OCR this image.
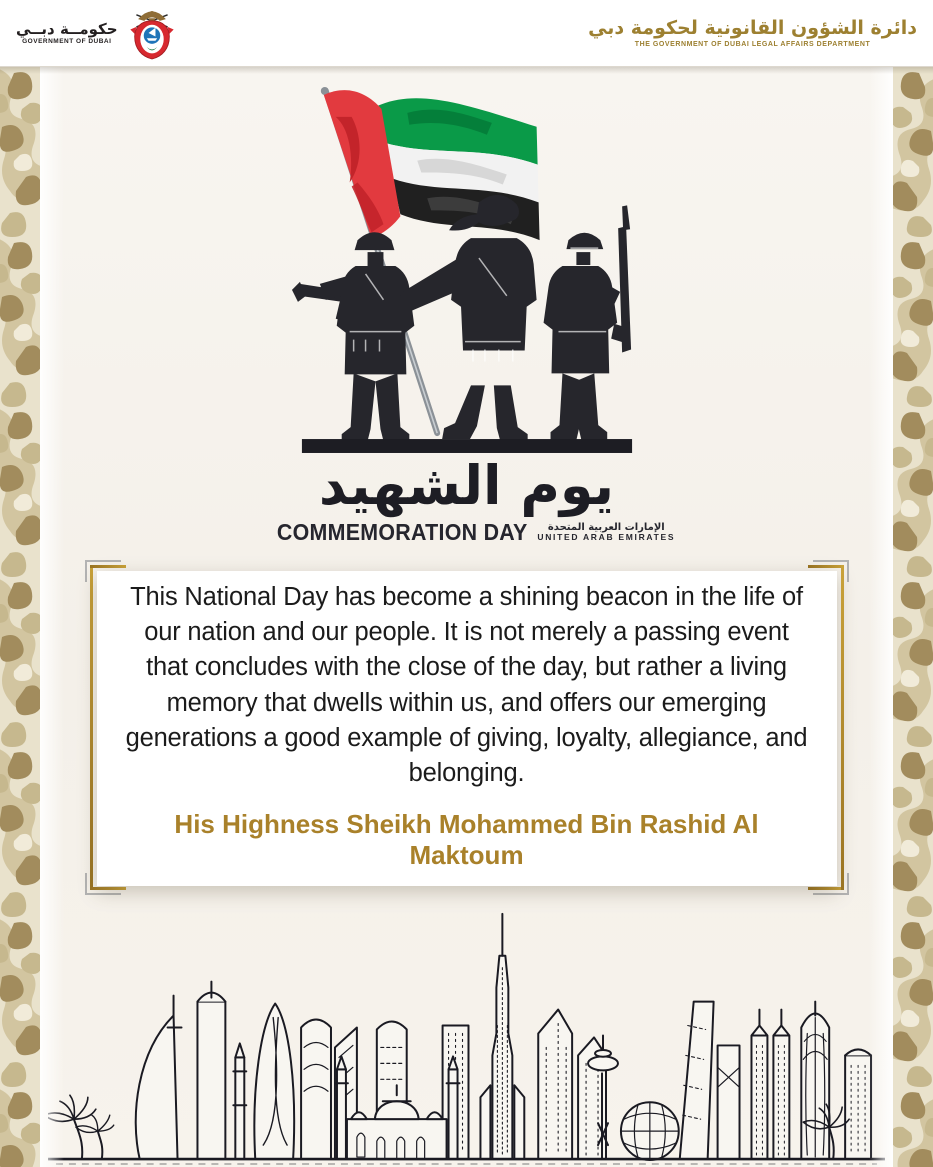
حكومــة دبــي
GOVERNMENT OF DUBAI
دائرة الشؤون القانونية لحكومة دبي
THE GOVERNMENT OF DUBAI LEGAL AFFAIRS DEPARTMENT
يوم الشهيد
COMMEMORATION DAY	الإمارات العربية المتحدة
UNITED ARAB EMIRATES

This National Day has become a shining beacon in the life of our nation and our people. It is not merely a passing event that concludes with the close of the day, but rather a living memory that dwells within us, and offers our emerging generations a good example of giving, loyalty, allegiance, and belonging.

His Highness Sheikh Mohammed Bin Rashid Al Maktoum
